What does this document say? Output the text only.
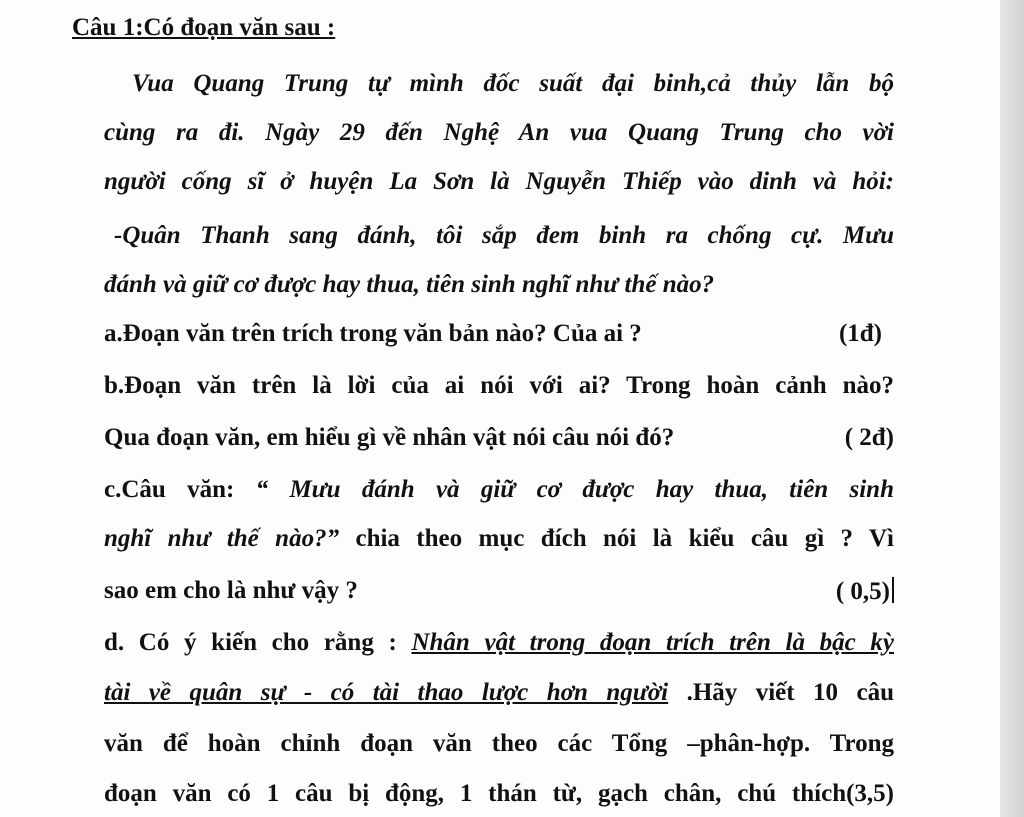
Câu 1:Có đoạn văn sau :
Vua Quang Trung tự mình đốc suất đại binh,cả thủy lẫn bộ
cùng ra đi. Ngày 29 đến Nghệ An vua Quang Trung cho vời
người cống sĩ ở huyện La Sơn là Nguyễn Thiếp vào dinh và hỏi:
-Quân Thanh sang đánh, tôi sắp đem binh ra chống cự. Mưu
đánh và giữ cơ được hay thua, tiên sinh nghĩ như thế nào?
a.Đoạn văn trên trích trong văn bản nào? Của ai ?	(1đ)
b.Đoạn văn trên là lời của ai nói với ai? Trong hoàn cảnh nào?
Qua đoạn văn, em hiểu gì về nhân vật nói câu nói đó?	( 2đ)
c.Câu văn: “ Mưu đánh và giữ cơ được hay thua, tiên sinh
nghĩ như thế nào?” chia theo mục đích nói là kiểu câu gì ? Vì
sao em cho là như vậy ?	( 0,5)
d. Có ý kiến cho rằng : Nhân vật trong đoạn trích trên là bậc kỳ
tài về quân sự - có tài thao lược hơn người .Hãy viết 10 câu
văn để hoàn chỉnh đoạn văn theo các Tổng –phân-hợp. Trong
đoạn văn có 1 câu bị động, 1 thán từ, gạch chân, chú thích(3,5)
